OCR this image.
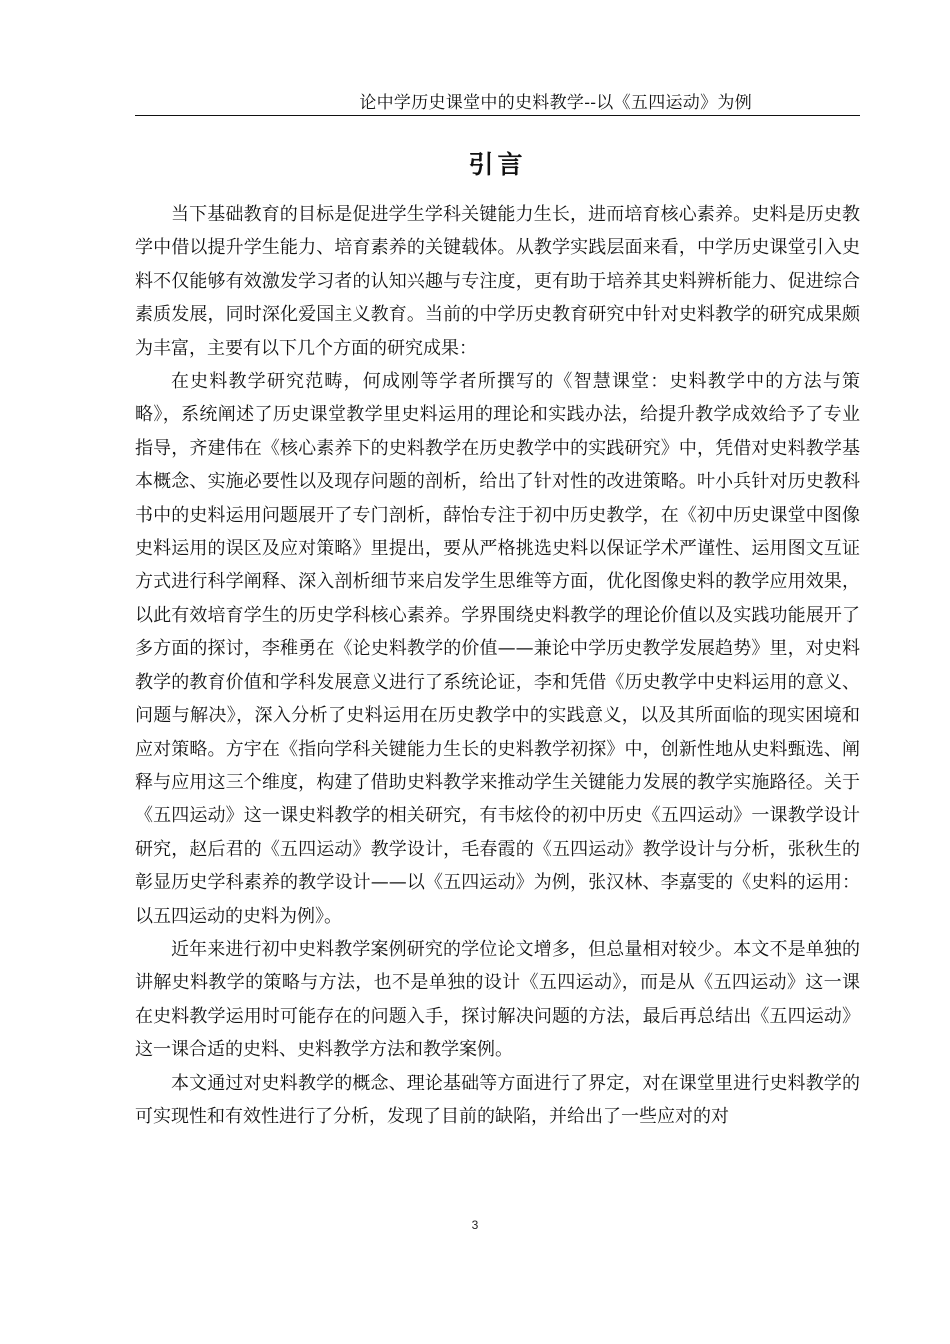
论中学历史课堂中的史料教学--以《五四运动》为例
引言

当下基础教育的目标是促进学生学科关键能力生长，进而培育核心素养。史料是历史教学中借以提升学生能力、培育素养的关键载体。从教学实践层面来看，中学历史课堂引入史料不仅能够有效激发学习者的认知兴趣与专注度，更有助于培养其史料辨析能力、促进综合素质发展，同时深化爱国主义教育。当前的中学历史教育研究中针对史料教学的研究成果颇为丰富，主要有以下几个方面的研究成果：

在史料教学研究范畴，何成刚等学者所撰写的《智慧课堂：史料教学中的方法与策略》，系统阐述了历史课堂教学里史料运用的理论和实践办法，给提升教学成效给予了专业指导，齐建伟在《核心素养下的史料教学在历史教学中的实践研究》中，凭借对史料教学基本概念、实施必要性以及现存问题的剖析，给出了针对性的改进策略。叶小兵针对历史教科书中的史料运用问题展开了专门剖析，薛怡专注于初中历史教学，在《初中历史课堂中图像史料运用的误区及应对策略》里提出，要从严格挑选史料以保证学术严谨性、运用图文互证方式进行科学阐释、深入剖析细节来启发学生思维等方面，优化图像史料的教学应用效果，以此有效培育学生的历史学科核心素养。学界围绕史料教学的理论价值以及实践功能展开了多方面的探讨，李稚勇在《论史料教学的价值——兼论中学历史教学发展趋势》里，对史料教学的教育价值和学科发展意义进行了系统论证，李和凭借《历史教学中史料运用的意义、问题与解决》，深入分析了史料运用在历史教学中的实践意义，以及其所面临的现实困境和应对策略。方宇在《指向学科关键能力生长的史料教学初探》中，创新性地从史料甄选、阐释与应用这三个维度，构建了借助史料教学来推动学生关键能力发展的教学实施路径。关于《五四运动》这一课史料教学的相关研究，有韦炫伶的初中历史《五四运动》一课教学设计研究，赵后君的《五四运动》教学设计，毛春霞的《五四运动》教学设计与分析，张秋生的彰显历史学科素养的教学设计——以《五四运动》为例，张汉林、李嘉雯的《史料的运用：以五四运动的史料为例》。

近年来进行初中史料教学案例研究的学位论文增多，但总量相对较少。本文不是单独的讲解史料教学的策略与方法，也不是单独的设计《五四运动》，而是从《五四运动》这一课在史料教学运用时可能存在的问题入手，探讨解决问题的方法，最后再总结出《五四运动》这一课合适的史料、史料教学方法和教学案例。

本文通过对史料教学的概念、理论基础等方面进行了界定，对在课堂里进行史料教学的可实现性和有效性进行了分析，发现了目前的缺陷，并给出了一些应对的对

3
